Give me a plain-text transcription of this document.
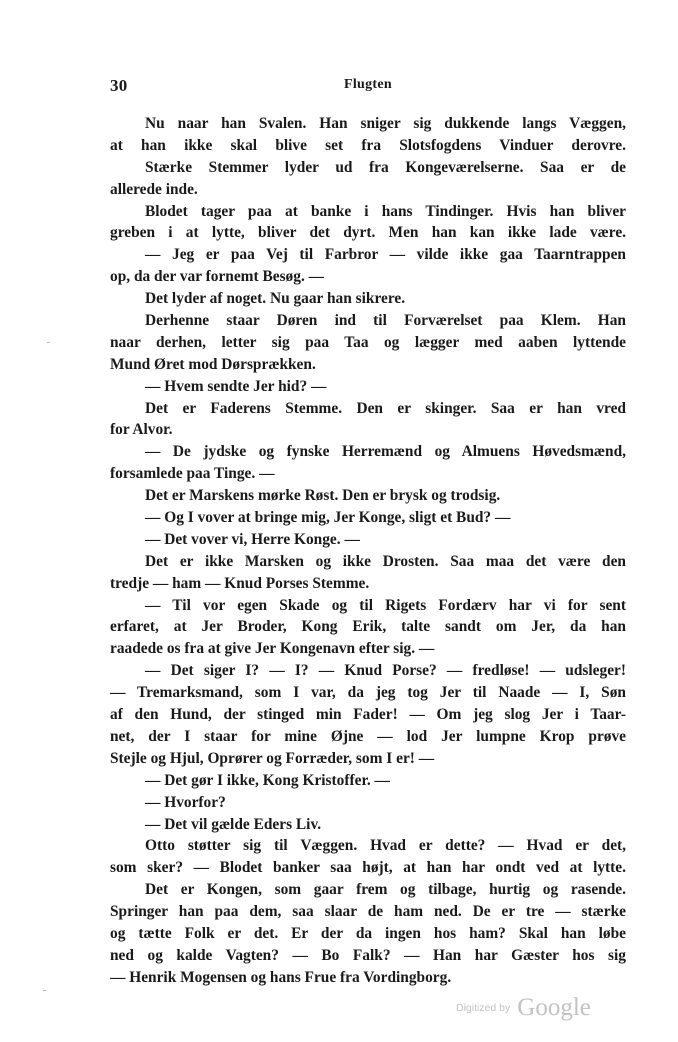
30	Flugten
Nu naar han Svalen. Han sniger sig dukkende langs Væggen,
at han ikke skal blive set fra Slotsfogdens Vinduer derovre.
Stærke Stemmer lyder ud fra Kongeværelserne. Saa er de
allerede inde.
Blodet tager paa at banke i hans Tindinger. Hvis han bliver
greben i at lytte, bliver det dyrt. Men han kan ikke lade være.
— Jeg er paa Vej til Farbror — vilde ikke gaa Taarntrappen
op, da der var fornemt Besøg. —
Det lyder af noget. Nu gaar han sikrere.
Derhenne staar Døren ind til Forværelset paa Klem. Han
naar derhen, letter sig paa Taa og lægger med aaben lyttende
Mund Øret mod Dørsprækken.
— Hvem sendte Jer hid? —
Det er Faderens Stemme. Den er skinger. Saa er han vred
for Alvor.
— De jydske og fynske Herremænd og Almuens Høvedsmænd,
forsamlede paa Tinge. —
Det er Marskens mørke Røst. Den er brysk og trodsig.
— Og I vover at bringe mig, Jer Konge, sligt et Bud? —
— Det vover vi, Herre Konge. —
Det er ikke Marsken og ikke Drosten. Saa maa det være den
tredje — ham — Knud Porses Stemme.
— Til vor egen Skade og til Rigets Fordærv har vi for sent
erfaret, at Jer Broder, Kong Erik, talte sandt om Jer, da han
raadede os fra at give Jer Kongenavn efter sig. —
— Det siger I? — I? — Knud Porse? — fredløse! — udsleger!
— Tremarksmand, som I var, da jeg tog Jer til Naade — I, Søn
af den Hund, der stinged min Fader! — Om jeg slog Jer i Taar-
net, der I staar for mine Øjne — lod Jer lumpne Krop prøve
Stejle og Hjul, Oprører og Forræder, som I er! —
— Det gør I ikke, Kong Kristoffer. —
— Hvorfor?
— Det vil gælde Eders Liv.
Otto støtter sig til Væggen. Hvad er dette? — Hvad er det,
som sker? — Blodet banker saa højt, at han har ondt ved at lytte.
Det er Kongen, som gaar frem og tilbage, hurtig og rasende.
Springer han paa dem, saa slaar de ham ned. De er tre — stærke
og tætte Folk er det. Er der da ingen hos ham? Skal han løbe
ned og kalde Vagten? — Bo Falk? — Han har Gæster hos sig
— Henrik Mogensen og hans Frue fra Vordingborg.
Digitized by Google
